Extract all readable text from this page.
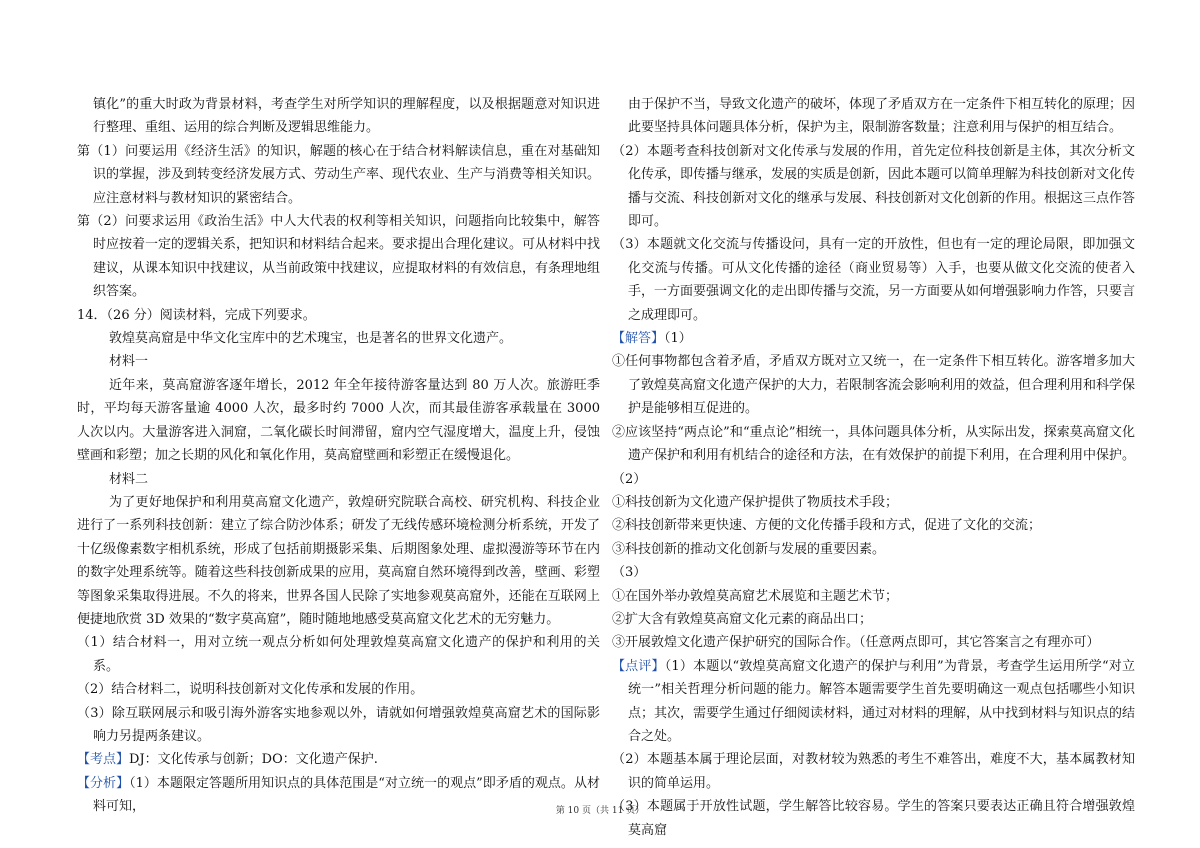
镇化”的重大时政为背景材料，考查学生对所学知识的理解程度，以及根据题意对知识进行整理、重组、运用的综合判断及逻辑思维能力。

第（1）问要运用《经济生活》的知识，解题的核心在于结合材料解读信息，重在对基础知识的掌握，涉及到转变经济发展方式、劳动生产率、现代农业、生产与消费等相关知识。应注意材料与教材知识的紧密结合。

第（2）问要求运用《政治生活》中人大代表的权利等相关知识，问题指向比较集中，解答时应按着一定的逻辑关系，把知识和材料结合起来。要求提出合理化建议。可从材料中找建议，从课本知识中找建议，从当前政策中找建议，应提取材料的有效信息，有条理地组织答案。

14．（26 分）阅读材料，完成下列要求。

敦煌莫高窟是中华文化宝库中的艺术瑰宝，也是著名的世界文化遗产。

材料一

近年来，莫高窟游客逐年增长，2012 年全年接待游客量达到 80 万人次。旅游旺季时，平均每天游客量逾 4000 人次，最多时约 7000 人次，而其最佳游客承载量在 3000 人次以内。大量游客进入洞窟，二氧化碳长时间滞留，窟内空气湿度增大，温度上升，侵蚀壁画和彩塑；加之长期的风化和氧化作用，莫高窟壁画和彩塑正在缓慢退化。

材料二

为了更好地保护和利用莫高窟文化遗产，敦煌研究院联合高校、研究机构、科技企业进行了一系列科技创新：建立了综合防沙体系；研发了无线传感环境检测分析系统，开发了十亿级像素数字相机系统，形成了包括前期摄影采集、后期图象处理、虚拟漫游等环节在内的数字处理系统等。随着这些科技创新成果的应用，莫高窟自然环境得到改善，壁画、彩塑等图象采集取得进展。不久的将来，世界各国人民除了实地参观莫高窟外，还能在互联网上便捷地欣赏 3D 效果的“数字莫高窟”，随时随地地感受莫高窟文化艺术的无穷魅力。

（1）结合材料一，用对立统一观点分析如何处理敦煌莫高窟文化遗产的保护和利用的关系。

（2）结合材料二，说明科技创新对文化传承和发展的作用。

（3）除互联网展示和吸引海外游客实地参观以外，请就如何增强敦煌莫高窟艺术的国际影响力另提两条建议。

【考点】DJ：文化传承与创新；DO：文化遗产保护.

【分析】（1）本题限定答题所用知识点的具体范围是“对立统一的观点”即矛盾的观点。从材料可知，

由于保护不当，导致文化遗产的破坏，体现了矛盾双方在一定条件下相互转化的原理；因此要坚持具体问题具体分析，保护为主，限制游客数量；注意利用与保护的相互结合。

（2）本题考查科技创新对文化传承与发展的作用，首先定位科技创新是主体，其次分析文化传承，即传播与继承，发展的实质是创新，因此本题可以简单理解为科技创新对文化传播与交流、科技创新对文化的继承与发展、科技创新对文化创新的作用。根据这三点作答即可。

（3）本题就文化交流与传播设问，具有一定的开放性，但也有一定的理论局限，即加强文化交流与传播。可从文化传播的途径（商业贸易等）入手，也要从做文化交流的使者入手，一方面要强调文化的走出即传播与交流，另一方面要从如何增强影响力作答，只要言之成理即可。

【解答】（1）

①任何事物都包含着矛盾，矛盾双方既对立又统一，在一定条件下相互转化。游客增多加大了敦煌莫高窟文化遗产保护的大力，若限制客流会影响利用的效益，但合理利用和科学保护是能够相互促进的。

②应该坚持“两点论”和“重点论”相统一，具体问题具体分析，从实际出发，探索莫高窟文化遗产保护和利用有机结合的途径和方法，在有效保护的前提下利用，在合理利用中保护。

（2）

①科技创新为文化遗产保护提供了物质技术手段；

②科技创新带来更快速、方便的文化传播手段和方式，促进了文化的交流；

③科技创新的推动文化创新与发展的重要因素。

（3）

①在国外举办敦煌莫高窟艺术展览和主题艺术节；

②扩大含有敦煌莫高窟文化元素的商品出口；

③开展敦煌文化遗产保护研究的国际合作。（任意两点即可，其它答案言之有理亦可）

【点评】（1）本题以“敦煌莫高窟文化遗产的保护与利用”为背景，考查学生运用所学“对立统一”相关哲理分析问题的能力。解答本题需要学生首先要明确这一观点包括哪些小知识点；其次，需要学生通过仔细阅读材料，通过对材料的理解，从中找到材料与知识点的结合之处。

（2）本题基本属于理论层面，对教材较为熟悉的考生不难答出，难度不大，基本属教材知识的简单运用。

（3）本题属于开放性试题，学生解答比较容易。学生的答案只要表达正确且符合增强敦煌莫高窟

第 10 页（共 11 页）
